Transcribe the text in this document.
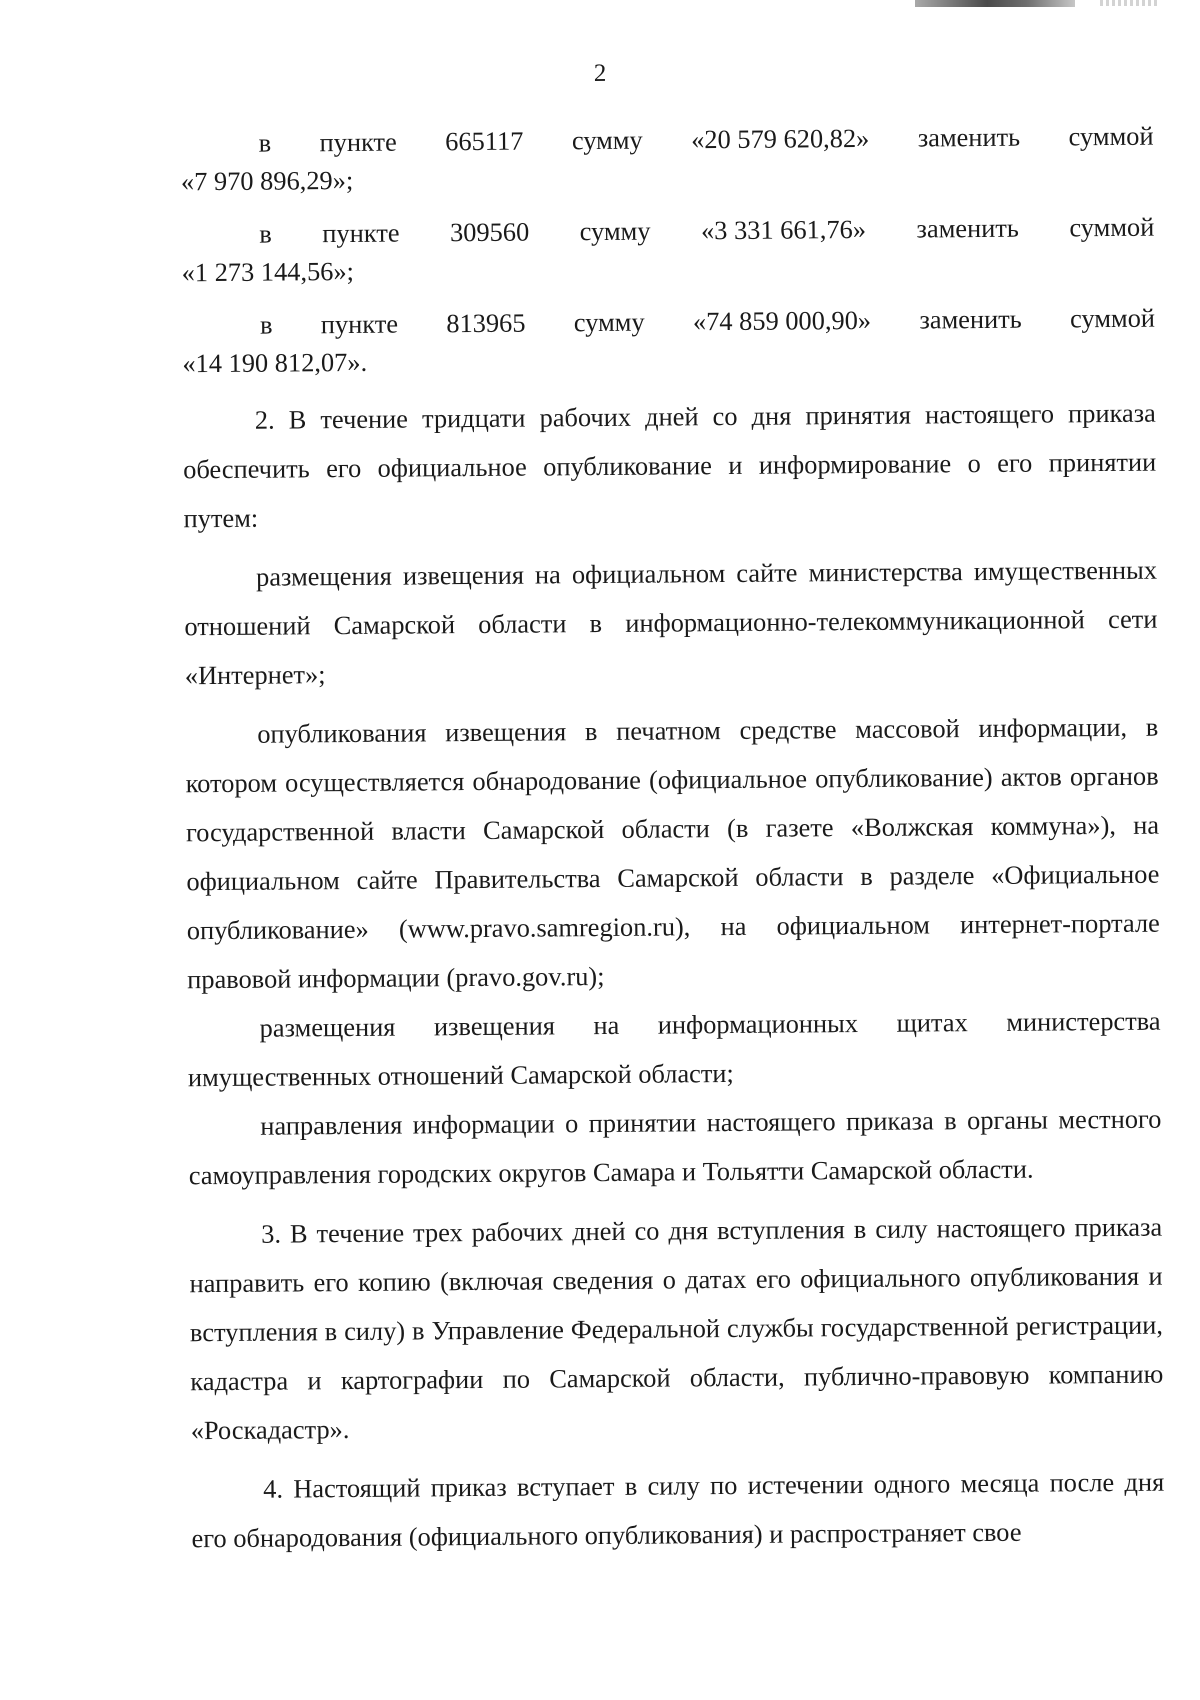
2
в пункте 665117 сумму «20 579 620,82» заменить суммой
«7 970 896,29»;
в пункте 309560 сумму «3 331 661,76» заменить суммой
«1 273 144,56»;
в пункте 813965 сумму «74 859 000,90» заменить суммой
«14 190 812,07».

2. В течение тридцати рабочих дней со дня принятия настоящего приказа обеспечить его официальное опубликование и информирование о его принятии путем:

размещения извещения на официальном сайте министерства имущественных отношений Самарской области в информационно-телекоммуникационной сети «Интернет»;

опубликования извещения в печатном средстве массовой информации, в котором осуществляется обнародование (официальное опубликование) актов органов государственной власти Самарской области (в газете «Волжская коммуна»), на официальном сайте Правительства Самарской области в разделе «Официальное опубликование» (www.pravo.samregion.ru), на официальном интернет-портале правовой информации (pravo.gov.ru);

размещения извещения на информационных щитах министерства имущественных отношений Самарской области;

направления информации о принятии настоящего приказа в органы местного самоуправления городских округов Самара и Тольятти Самарской области.

3. В течение трех рабочих дней со дня вступления в силу настоящего приказа направить его копию (включая сведения о датах его официального опубликования и вступления в силу) в Управление Федеральной службы государственной регистрации, кадастра и картографии по Самарской области, публично-правовую компанию «Роскадастр».

4. Настоящий приказ вступает в силу по истечении одного месяца после дня его обнародования (официального опубликования) и распространяет свое
